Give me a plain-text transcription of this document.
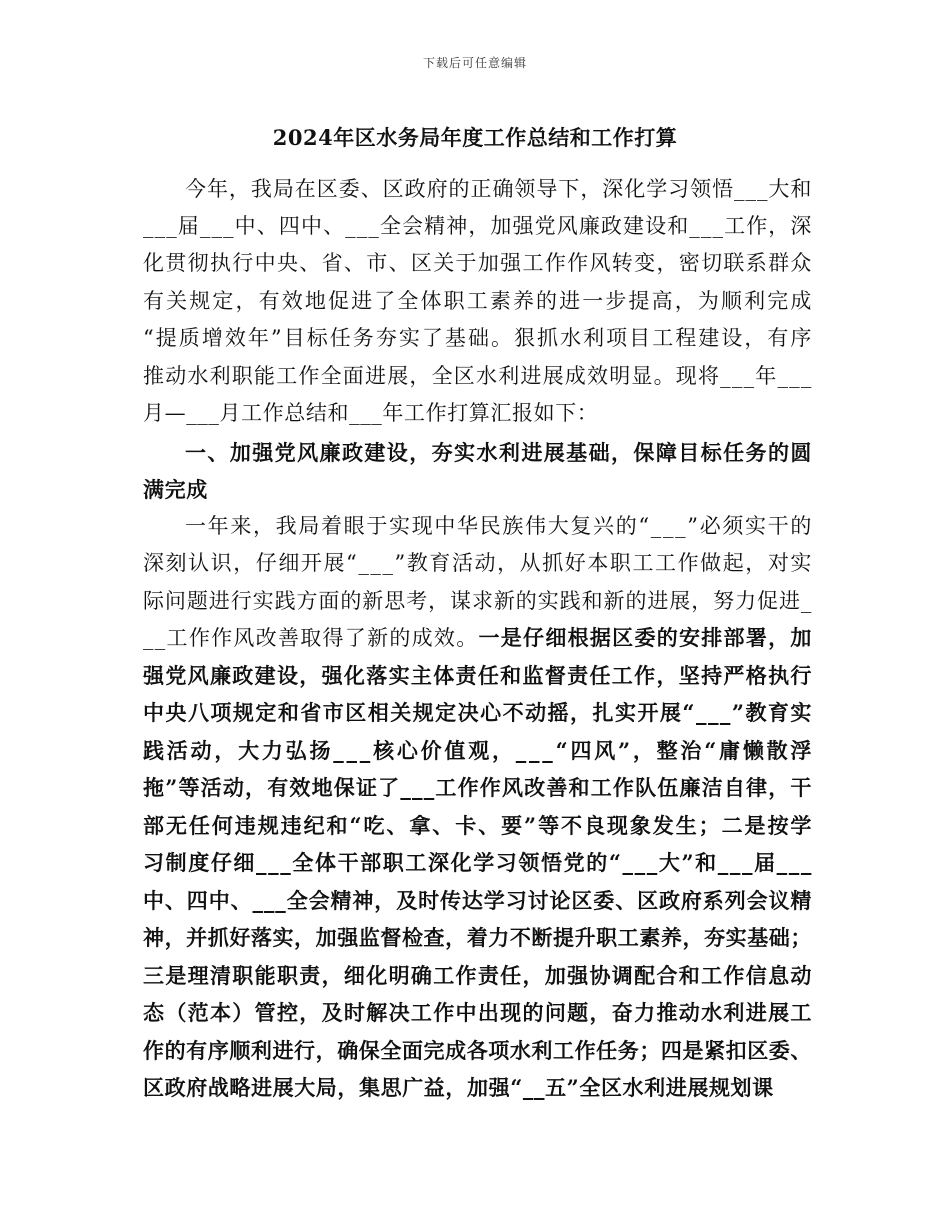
下载后可任意编辑
2024年区水务局年度工作总结和工作打算
今年，我局在区委、区政府的正确领导下，深化学习领悟___大和
___届___中、四中、___全会精神，加强党风廉政建设和___工作，深
化贯彻执行中央、省、市、区关于加强工作作风转变，密切联系群众
有关规定，有效地促进了全体职工素养的进一步提高，为顺利完成
“提质增效年”目标任务夯实了基础。狠抓水利项目工程建设，有序
推动水利职能工作全面进展，全区水利进展成效明显。现将___年___
月—___月工作总结和___年工作打算汇报如下：
一、加强党风廉政建设，夯实水利进展基础，保障目标任务的圆
满完成
一年来，我局着眼于实现中华民族伟大复兴的“___”必须实干的
深刻认识，仔细开展“___”教育活动，从抓好本职工工作做起，对实
际问题进行实践方面的新思考，谋求新的实践和新的进展，努力促进_
__工作作风改善取得了新的成效。一是仔细根据区委的安排部署，加
强党风廉政建设，强化落实主体责任和监督责任工作，坚持严格执行
中央八项规定和省市区相关规定决心不动摇，扎实开展“___”教育实
践活动，大力弘扬___核心价值观，___“四风”，整治“庸懒散浮
拖”等活动，有效地保证了___工作作风改善和工作队伍廉洁自律，干
部无任何违规违纪和“吃、拿、卡、要”等不良现象发生；二是按学
习制度仔细___全体干部职工深化学习领悟党的“___大”和___届___
中、四中、___全会精神，及时传达学习讨论区委、区政府系列会议精
神，并抓好落实，加强监督检查，着力不断提升职工素养，夯实基础；
三是理清职能职责，细化明确工作责任，加强协调配合和工作信息动
态（范本）管控，及时解决工作中出现的问题，奋力推动水利进展工
作的有序顺利进行，确保全面完成各项水利工作任务；四是紧扣区委、
区政府战略进展大局，集思广益，加强“__五”全区水利进展规划课
